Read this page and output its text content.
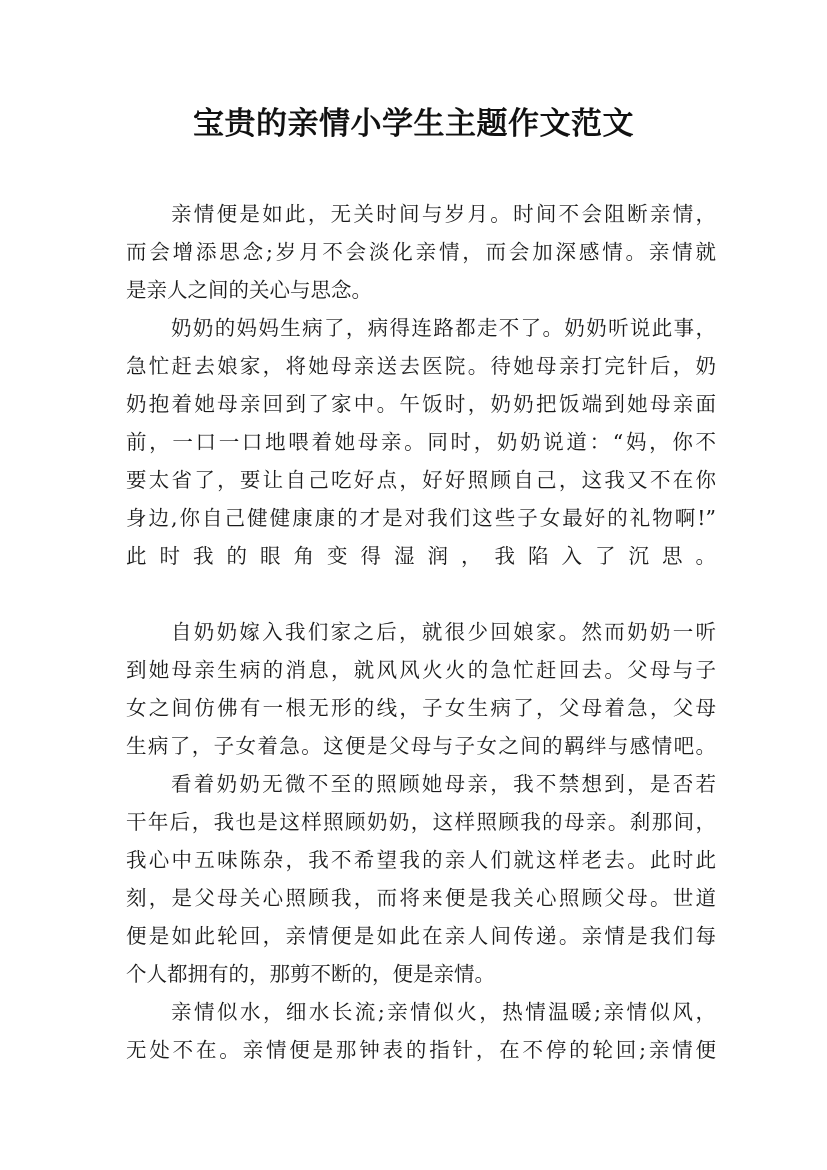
宝贵的亲情小学生主题作文范文
亲情便是如此，无关时间与岁月。时间不会阻断亲情，
而会增添思念;岁月不会淡化亲情，而会加深感情。亲情就
是亲人之间的关心与思念。
奶奶的妈妈生病了，病得连路都走不了。奶奶听说此事，
急忙赶去娘家，将她母亲送去医院。待她母亲打完针后，奶
奶抱着她母亲回到了家中。午饭时，奶奶把饭端到她母亲面
前，一口一口地喂着她母亲。同时，奶奶说道：“妈，你不
要太省了，要让自己吃好点，好好照顾自己，这我又不在你
身边,你自己健健康康的才是对我们这些子女最好的礼物啊!”
此时我的眼角变得湿润，我陷入了沉思。
自奶奶嫁入我们家之后，就很少回娘家。然而奶奶一听
到她母亲生病的消息，就风风火火的急忙赶回去。父母与子
女之间仿佛有一根无形的线，子女生病了，父母着急，父母
生病了，子女着急。这便是父母与子女之间的羁绊与感情吧。
看着奶奶无微不至的照顾她母亲，我不禁想到，是否若
干年后，我也是这样照顾奶奶，这样照顾我的母亲。刹那间，
我心中五味陈杂，我不希望我的亲人们就这样老去。此时此
刻，是父母关心照顾我，而将来便是我关心照顾父母。世道
便是如此轮回，亲情便是如此在亲人间传递。亲情是我们每
个人都拥有的，那剪不断的，便是亲情。
亲情似水，细水长流;亲情似火，热情温暖;亲情似风，
无处不在。亲情便是那钟表的指针，在不停的轮回;亲情便
